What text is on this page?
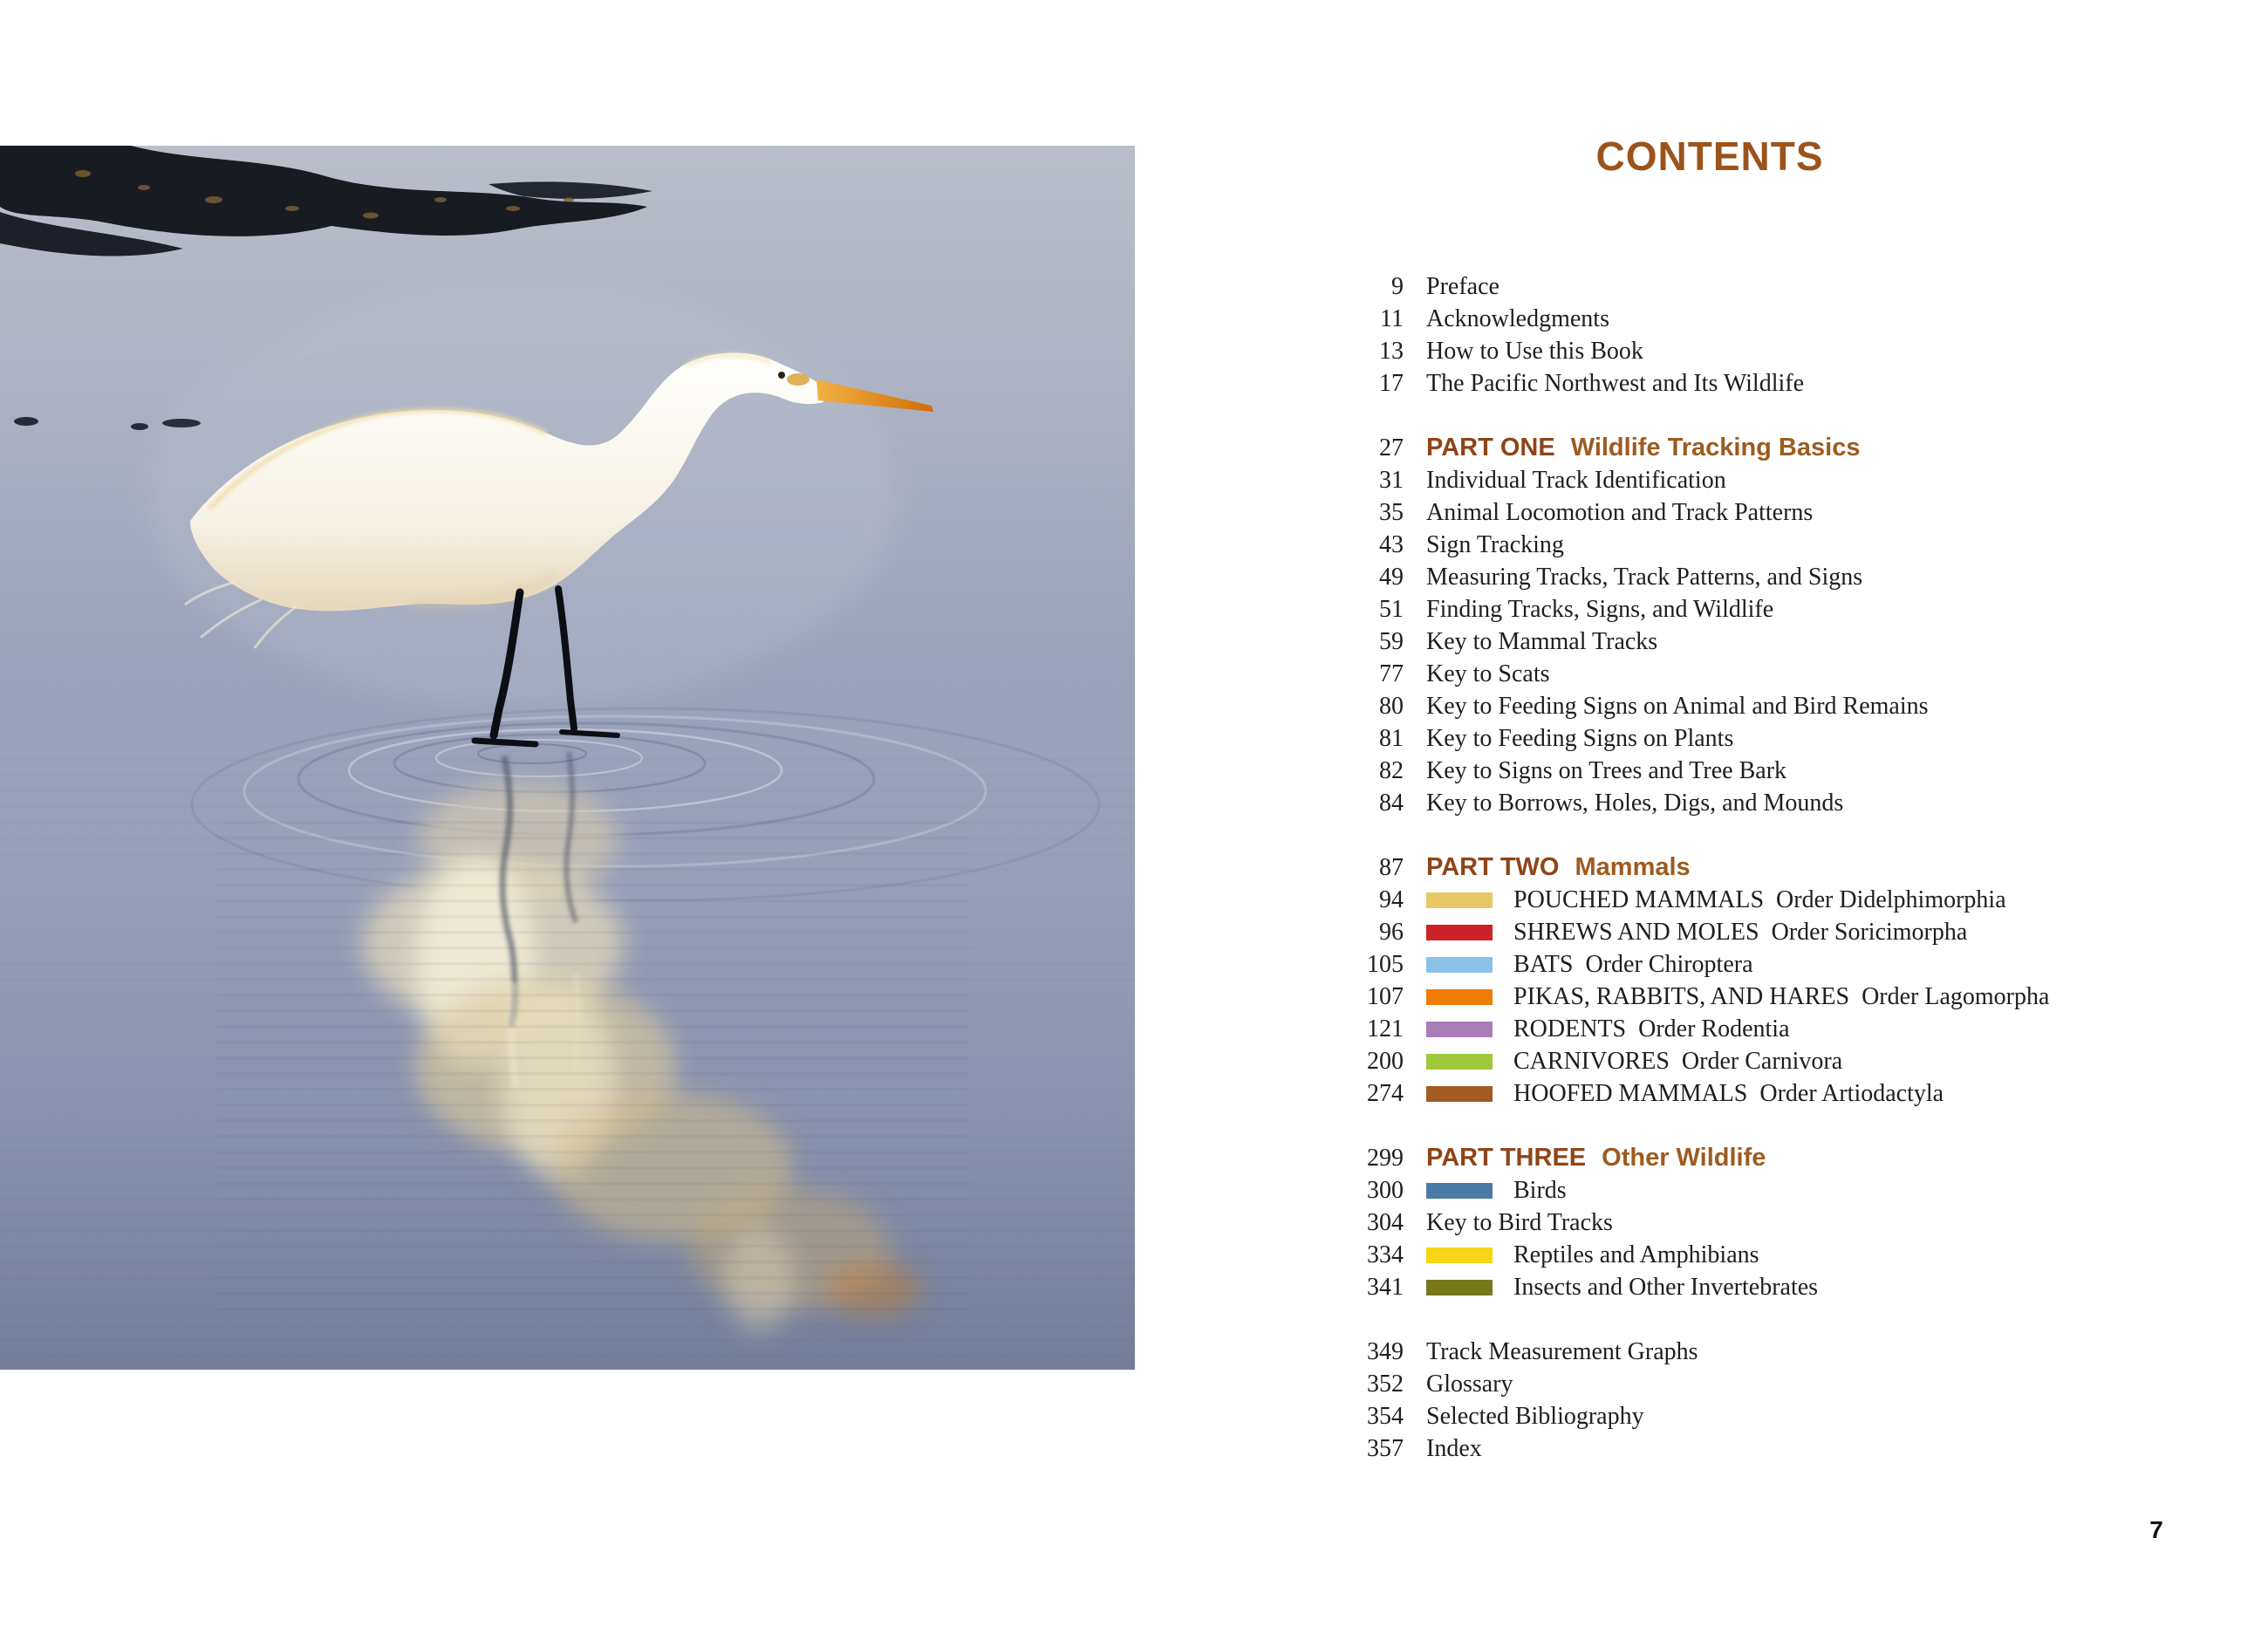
CONTENTS
9 Preface
11 Acknowledgments
13 How to Use this Book
17 The Pacific Northwest and Its Wildlife
27 PART ONE Wildlife Tracking Basics
31 Individual Track Identification
35 Animal Locomotion and Track Patterns
43 Sign Tracking
49 Measuring Tracks, Track Patterns, and Signs
51 Finding Tracks, Signs, and Wildlife
59 Key to Mammal Tracks
77 Key to Scats
80 Key to Feeding Signs on Animal and Bird Remains
81 Key to Feeding Signs on Plants
82 Key to Signs on Trees and Tree Bark
84 Key to Borrows, Holes, Digs, and Mounds
87 PART TWO Mammals
94	POUCHED MAMMALS Order Didelphimorphia
96	SHREWS AND MOLES Order Soricimorpha
105	BATS Order Chiroptera
107	PIKAS, RABBITS, AND HARES Order Lagomorpha
121	RODENTS Order Rodentia
200	CARNIVORES Order Carnivora
274	HOOFED MAMMALS Order Artiodactyla
299 PART THREE Other Wildlife
300	Birds
304 Key to Bird Tracks
334	Reptiles and Amphibians
341	Insects and Other Invertebrates
349 Track Measurement Graphs
352 Glossary
354 Selected Bibliography
357 Index
7
